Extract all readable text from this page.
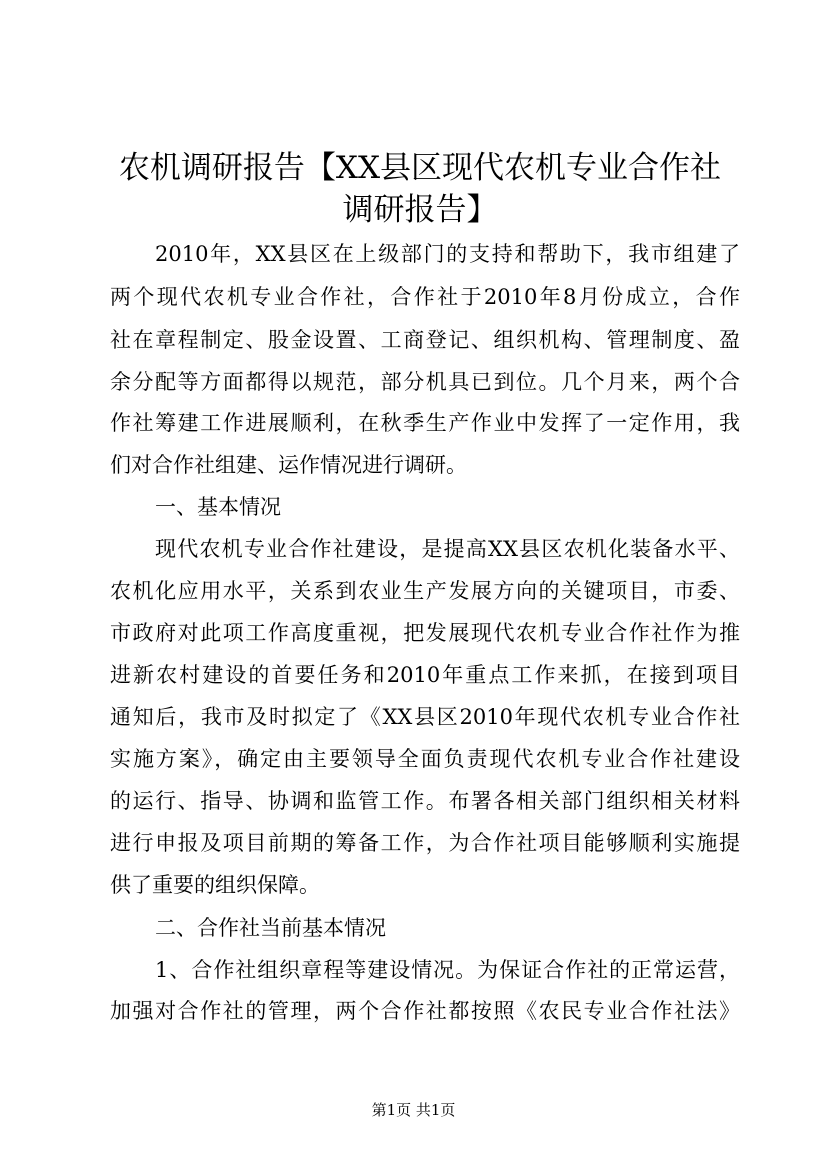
农机调研报告【XX县区现代农机专业合作社
调研报告】
2010年，XX县区在上级部门的支持和帮助下，我市组建了
两个现代农机专业合作社，合作社于2010年8月份成立，合作
社在章程制定、股金设置、工商登记、组织机构、管理制度、盈
余分配等方面都得以规范，部分机具已到位。几个月来，两个合
作社筹建工作进展顺利，在秋季生产作业中发挥了一定作用，我
们对合作社组建、运作情况进行调研。
一、基本情况
现代农机专业合作社建设，是提高XX县区农机化装备水平、
农机化应用水平，关系到农业生产发展方向的关键项目，市委、
市政府对此项工作高度重视，把发展现代农机专业合作社作为推
进新农村建设的首要任务和2010年重点工作来抓，在接到项目
通知后，我市及时拟定了《XX县区2010年现代农机专业合作社
实施方案》，确定由主要领导全面负责现代农机专业合作社建设
的运行、指导、协调和监管工作。布署各相关部门组织相关材料
进行申报及项目前期的筹备工作，为合作社项目能够顺利实施提
供了重要的组织保障。
二、合作社当前基本情况
1、合作社组织章程等建设情况。为保证合作社的正常运营，
加强对合作社的管理，两个合作社都按照《农民专业合作社法》
第1页 共1页
